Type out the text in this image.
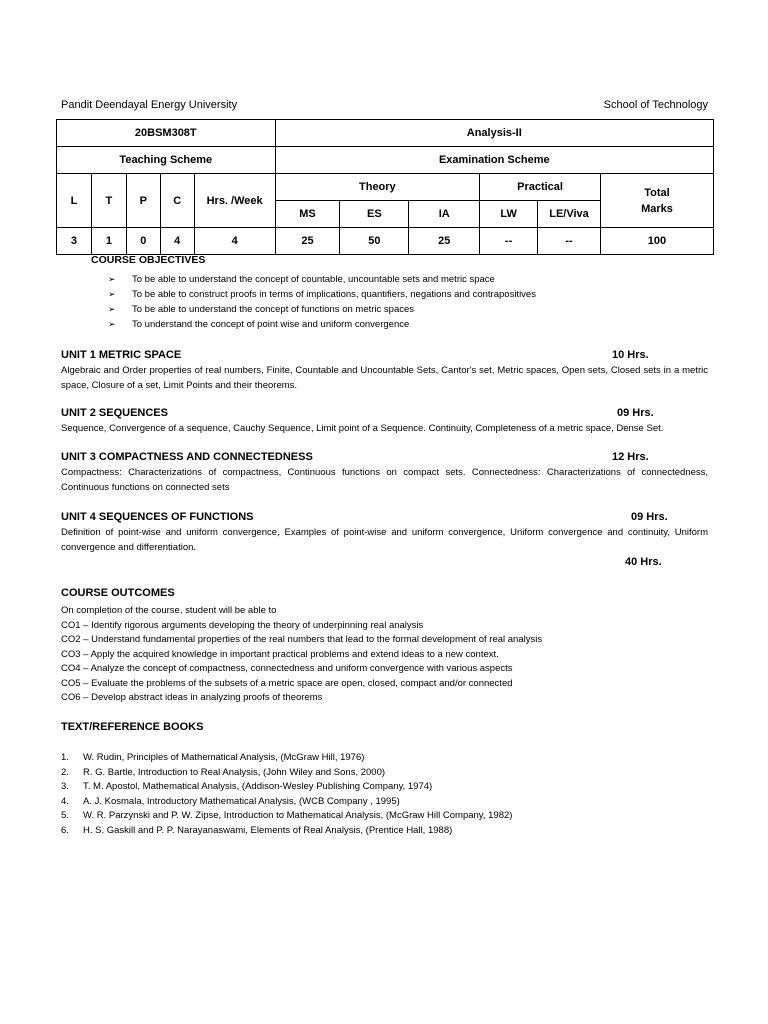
Pandit Deendayal Energy University	School of Technology
20BSM308T					Analysis-II					
Teaching Scheme					Examination Scheme					
L	T	P	C	Hrs. /Week	Theory			Practical		Total Marks
					MS	ES	IA	LW	LE/Viva	
3	1	0	4	4	25	50	25	--	--	100
COURSE OBJECTIVES
➢ To be able to understand the concept of countable, uncountable sets and metric space
➢ To be able to construct proofs in terms of implications, quantifiers, negations and contrapositives
➢ To be able to understand the concept of functions on metric spaces
➢ To understand the concept of point wise and uniform convergence
UNIT 1 METRIC SPACE	10 Hrs.
Algebraic and Order properties of real numbers, Finite, Countable and Uncountable Sets, Cantor's set, Metric spaces, Open sets, Closed sets in a metric space, Closure of a set, Limit Points and their theorems.
UNIT 2 SEQUENCES	09 Hrs.
Sequence, Convergence of a sequence, Cauchy Sequence, Limit point of a Sequence. Continuity, Completeness of a metric space, Dense Set.
UNIT 3 COMPACTNESS AND CONNECTEDNESS	12 Hrs.
Compactness: Characterizations of compactness, Continuous functions on compact sets. Connectedness: Characterizations of connectedness, Continuous functions on connected sets
UNIT 4 SEQUENCES OF FUNCTIONS	09 Hrs.
Definition of point-wise and uniform convergence, Examples of point-wise and uniform convergence, Uniform convergence and continuity, Uniform convergence and differentiation.
40 Hrs.
COURSE OUTCOMES
On completion of the course, student will be able to
CO1 – Identify rigorous arguments developing the theory of underpinning real analysis
CO2 – Understand fundamental properties of the real numbers that lead to the formal development of real analysis
CO3 – Apply the acquired knowledge in important practical problems and extend ideas to a new context.
CO4 – Analyze the concept of compactness, connectedness and uniform convergence with various aspects
CO5 – Evaluate the problems of the subsets of a metric space are open, closed, compact and/or connected
CO6 – Develop abstract ideas in analyzing proofs of theorems
TEXT/REFERENCE BOOKS
1. W. Rudin, Principles of Mathematical Analysis, (McGraw Hill, 1976)
2. R. G. Bartle, Introduction to Real Analysis, (John Wiley and Sons, 2000)
3. T. M. Apostol, Mathematical Analysis, (Addison-Wesley Publishing Company, 1974)
4. A. J. Kosmala, Introductory Mathematical Analysis, (WCB Company , 1995)
5. W. R. Parzynski and P. W. Zipse, Introduction to Mathematical Analysis, (McGraw Hill Company, 1982)
6. H. S. Gaskill and P. P. Narayanaswami, Elements of Real Analysis, (Prentice Hall, 1988)
